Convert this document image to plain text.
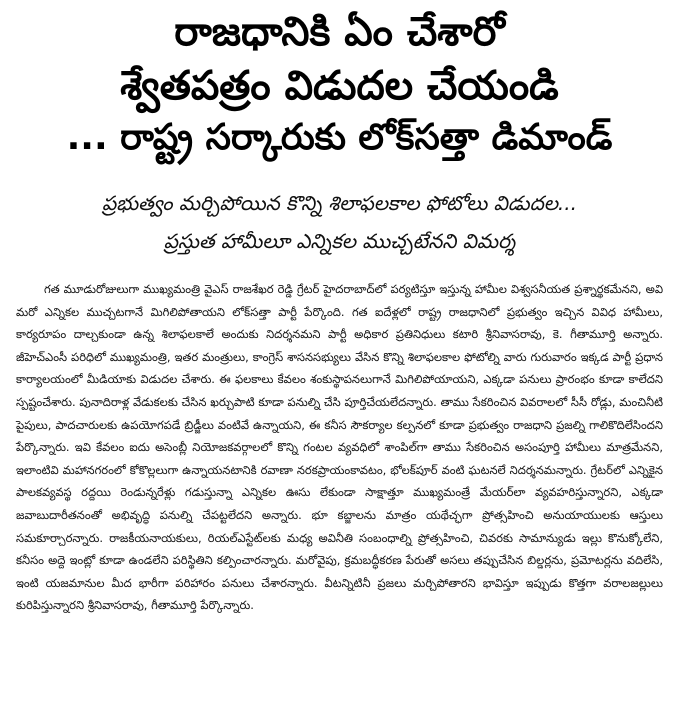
రాజధానికి ఏం చేశారో
శ్వేతపత్రం విడుదల చేయండి
... రాష్ట్ర సర్కారుకు లోక్‌సత్తా డిమాండ్
ప్రభుత్వం మర్చిపోయిన కొన్ని శిలాఫలకాల ఫోటోలు విడుదల...
ప్రస్తుత హామీలూ ఎన్నికల ముచ్చటేనని విమర్శ

గత మూడురోజులుగా ముఖ్యమంత్రి వైఎస్ రాజశేఖర రెడ్డి గ్రేటర్ హైదరాబాద్‌లో పర్యటిస్తూ ఇస్తున్న హామీల విశ్వసనీయత ప్రశ్నార్థకమేనని, అవి మరో ఎన్నికల ముచ్చటగానే మిగిలిపోతాయని లోక్‌సత్తా పార్టీ పేర్కొంది. గత ఐదేళ్లలో రాష్ట్ర రాజధానిలో ప్రభుత్వం ఇచ్చిన వివిధ హామీలు, కార్యరూపం దాల్చకుండా ఉన్న శిలాఫలకాలే అందుకు నిదర్శనమని పార్టీ అధికార ప్రతినిధులు కటారి శ్రీనివాసరావు, కె. గీతామూర్తి అన్నారు. జీహెచ్ఎంసీ పరిధిలో ముఖ్యమంత్రి, ఇతర మంత్రులు, కాంగ్రెస్ శాసనసభ్యులు వేసిన కొన్ని శిలాఫలకాల ఫోటోల్ని వారు గురువారం ఇక్కడ పార్టీ ప్రధాన కార్యాలయంలో మీడియాకు విడుదల చేశారు. ఈ ఫలకాలు కేవలం శంకుస్థాపనలుగానే మిగిలిపోయాయని, ఎక్కడా పనులు ప్రారంభం కూడా కాలేదని స్పష్టంచేశారు. పునాదిరాళ్ల వేడుకలకు చేసిన ఖర్చుపాటి కూడా పనుల్ని చేసి పూర్తిచేయలేదన్నారు. తాము సేకరించిన వివరాలలో సీసీ రోడ్లు, మంచినీటి పైపులు, పాదచారులకు ఉపయోగపడే బ్రిడ్జీలు వంటివే ఉన్నాయని, ఈ కనీస సౌకర్యాల కల్పనలో కూడా ప్రభుత్వం రాజధాని ప్రజల్ని గాలికొదిలేసిందని పేర్కొన్నారు. ఇవి కేవలం ఐదు అసెంబ్లీ నియోజకవర్గాలలో కొన్ని గంటల వ్యవధిలో శాంపిల్‌గా తాము సేకరించిన అసంపూర్తి హామీలు మాత్రమేనని, ఇలాంటివి మహానగరంలో కోకొల్లలుగా ఉన్నాయనటానికి రవాణా నరకప్రాయంకావటం, భోలక్‌పూర్ వంటి ఘటనలే నిదర్శనమన్నారు. గ్రేటర్‌లో ఎన్నికైన పాలకవ్యవస్థ రద్దయి రెండున్నరేళ్లు గడుస్తున్నా ఎన్నికల ఊసు లేకుండా సాక్షాత్తూ ముఖ్యమంత్రే మేయర్‌లా వ్యవహరిస్తున్నారని, ఎక్కడా జవాబుదారీతనంతో అభివృద్ధి పనుల్ని చేపట్టలేదని అన్నారు. భూ కబ్జాలను మాత్రం యథేచ్ఛగా ప్రోత్సహించి అనుయాయులకు ఆస్తులు సమకూర్చారన్నారు. రాజకీయనాయకులు, రియల్‌ఎస్టేట్‌లకు మధ్య అవినీతి సంబంధాల్ని ప్రోత్సహించి, చివరకు సామాన్యుడు ఇల్లు కొనుక్కోలేని, కనీసం అద్దె ఇంట్లో కూడా ఉండలేని పరిస్థితిని కల్పించారన్నారు. మరోవైపు, క్రమబద్ధీకరణ పేరుతో అసలు తప్పుచేసిన బిల్డర్లను, ప్రమోటర్లను వదిలేసి, ఇంటి యజమానుల మీద భారీగా పరిహారం పనులు చేశారన్నారు. వీటన్నిటినీ ప్రజలు మర్చిపోతారని భావిస్తూ ఇప్పుడు కొత్తగా వరాలజల్లులు కురిపిస్తున్నారని శ్రీనివాసరావు, గీతామూర్తి పేర్కొన్నారు.
